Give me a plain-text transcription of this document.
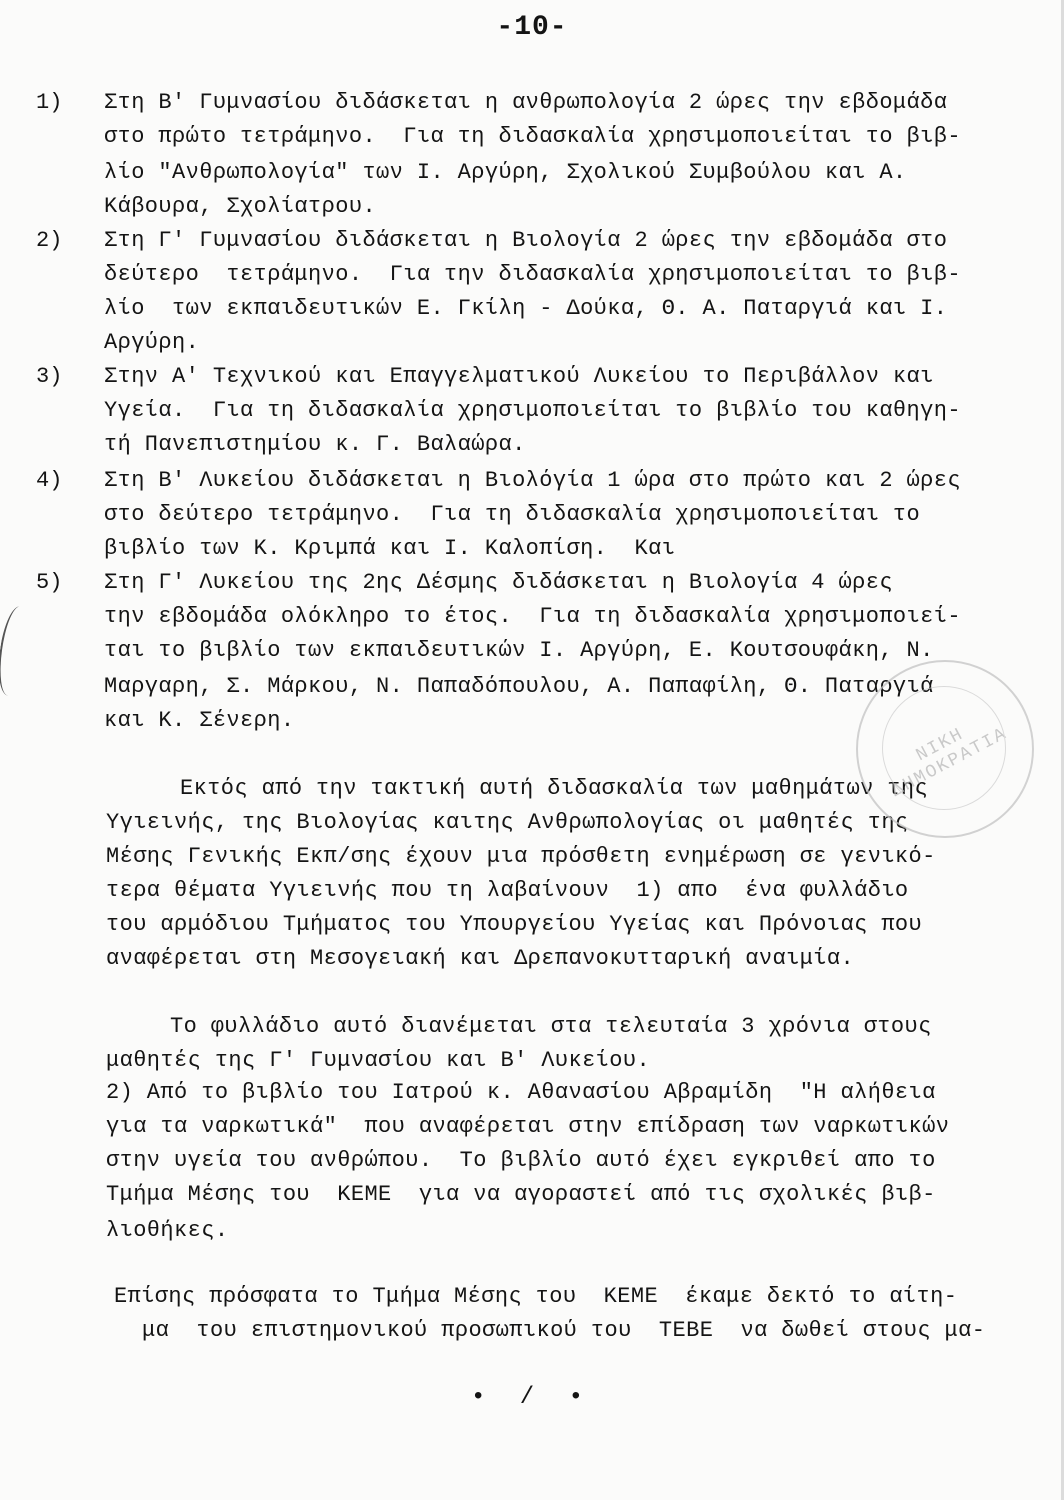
-10-
1) Στη Β' Γυμνασίου διδάσκεται η ανθρωπολογία 2 ώρες την εβδομάδα
στο πρώτο τετράμηνο.  Για τη διδασκαλία χρησιμοποιείται το βιβ-
λίο "Ανθρωπολογία" των Ι. Αργύρη, Σχολικού Συμβούλου και Α.
Κάβουρα, Σχολίατρου.
2) Στη Γ' Γυμνασίου διδάσκεται η Βιολογία 2 ώρες την εβδομάδα στο
δεύτερο  τετράμηνο.  Για την διδασκαλία χρησιμοποιείται το βιβ-
λίο  των εκπαιδευτικών Ε. Γκίλη - Δούκα, Θ. Α. Παταργιά και Ι.
Αργύρη.
3) Στην Α' Τεχνικού και Επαγγελματικού Λυκείου το Περιβάλλον και
Υγεία.  Για τη διδασκαλία χρησιμοποιείται το βιβλίο του καθηγη-
τή Πανεπιστημίου κ. Γ. Βαλαώρα.
4) Στη Β' Λυκείου διδάσκεται η Βιολόγία 1 ώρα στο πρώτο και 2 ώρες
στο δεύτερο τετράμηνο.  Για τη διδασκαλία χρησιμοποιείται το
βιβλίο των Κ. Κριμπά και Ι. Καλοπίση.  Και
5) Στη Γ' Λυκείου της 2ης Δέσμης διδάσκεται η Βιολογία 4 ώρες
την εβδομάδα ολόκληρο το έτος.  Για τη διδασκαλία χρησιμοποιεί-
ται το βιβλίο των εκπαιδευτικών Ι. Αργύρη, Ε. Κουτσουφάκη, Ν.
Μαργαρη, Σ. Μάρκου, Ν. Παπαδόπουλου, Α. Παπαφίλη, Θ. Παταργιά
και Κ. Σένερη.
Εκτός από την τακτική αυτή διδασκαλία των μαθημάτων της
Υγιεινής, της Βιολογίας καιτης Ανθρωπολογίας οι μαθητές της
Μέσης Γενικής Εκπ/σης έχουν μια πρόσθετη ενημέρωση σε γενικό-
τερα θέματα Υγιεινής που τη λαβαίνουν  1) απο  ένα φυλλάδιο
του αρμόδιου Τμήματος του Υπουργείου Υγείας και Πρόνοιας που
αναφέρεται στη Μεσογειακή και Δρεπανοκυτταρική αναιμία.
Το φυλλάδιο αυτό διανέμεται στα τελευταία 3 χρόνια στους
μαθητές της Γ' Γυμνασίου και Β' Λυκείου.
2) Από το βιβλίο του Ιατρού κ. Αθανασίου Αβραμίδη  "Η αλήθεια
για τα ναρκωτικά"  που αναφέρεται στην επίδραση των ναρκωτικών
στην υγεία του ανθρώπου.  Το βιβλίο αυτό έχει εγκριθεί απο το
Τμήμα Μέσης του  ΚΕΜΕ  για να αγοραστεί από τις σχολικές βιβ-
λιοθήκες.
Επίσης πρόσφατα το Τμήμα Μέσης του  ΚΕΜΕ  έκαμε δεκτό το αίτη-
μα  του επιστημονικού προσωπικού του  ΤΕΒΕ  να δωθεί στους μα-
ΝΙΚΗ ΔΗΜΟΚΡΑΤΙΑ
• / •
